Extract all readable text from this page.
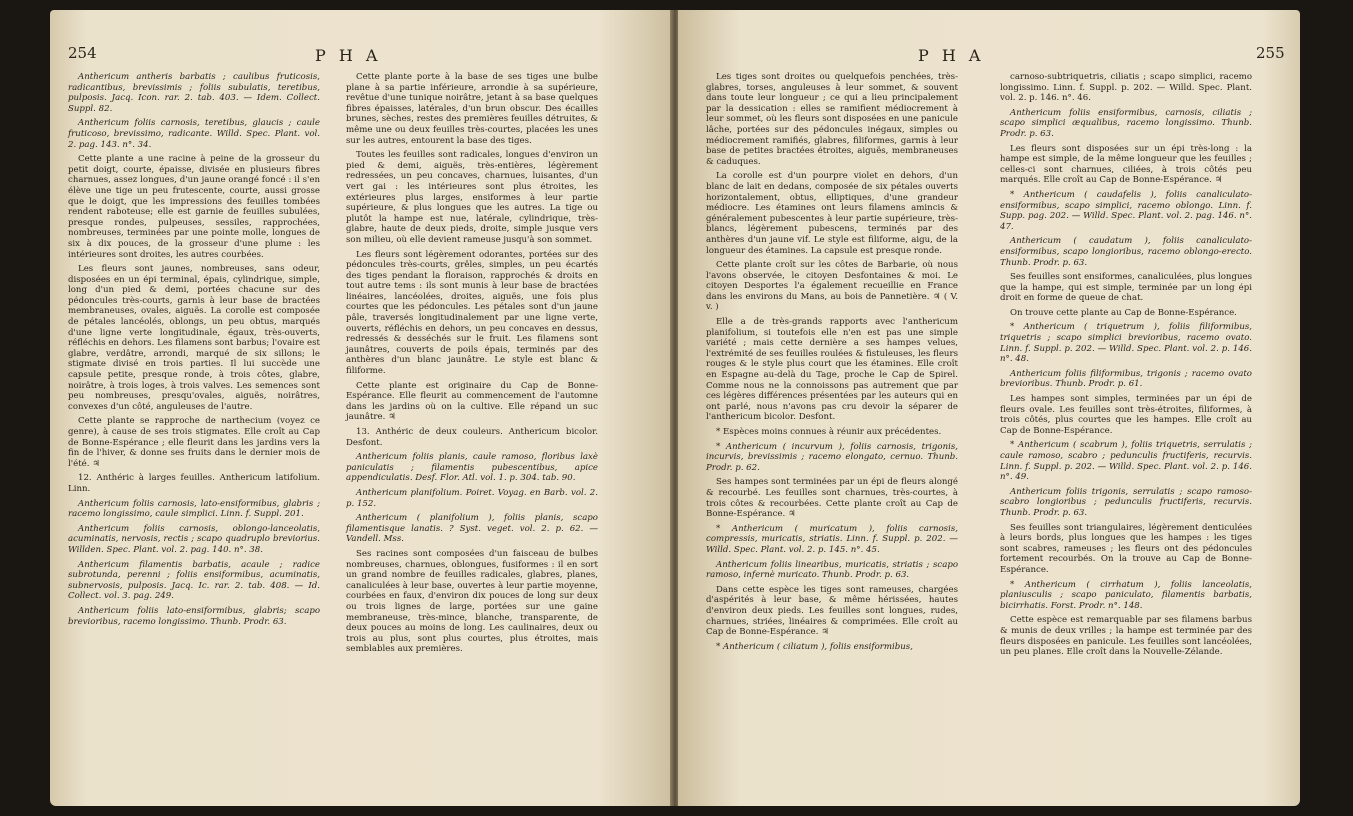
254	P H A

Anthericum antheris barbatis ; caulibus fruticosis, radicantibus, brevissimis ; foliis subulatis, teretibus, pulposis. Jacq. Icon. rar. 2. tab. 403. — Idem. Collect. Suppl. 82.

Anthericum foliis carnosis, teretibus, glaucis ; caule fruticoso, brevissimo, radicante. Willd. Spec. Plant. vol. 2. pag. 143. n°. 34.

Cette plante a une racine à peine de la grosseur du petit doigt, courte, épaisse, divisée en plusieurs fibres charnues, assez longues, d'un jaune orangé foncé : il s'en élève une tige un peu frutescente, courte, aussi grosse que le doigt, que les impressions des feuilles tombées rendent raboteuse; elle est garnie de feuilles subulées, presque rondes, pulpeuses, sessiles, rapprochées, nombreuses, terminées par une pointe molle, longues de six à dix pouces, de la grosseur d'une plume : les intérieures sont droites, les autres courbées.

Les fleurs sont jaunes, nombreuses, sans odeur, disposées en un épi terminal, épais, cylindrique, simple, long d'un pied & demi, portées chacune sur des pédoncules très-courts, garnis à leur base de bractées membraneuses, ovales, aiguës. La corolle est composée de pétales lancéolés, oblongs, un peu obtus, marqués d'une ligne verte longitudinale, égaux, très-ouverts, réfléchis en dehors. Les filamens sont barbus; l'ovaire est glabre, verdâtre, arrondi, marqué de six sillons; le stigmate divisé en trois parties. Il lui succède une capsule petite, presque ronde, à trois côtes, glabre, noirâtre, à trois loges, à trois valves. Les semences sont peu nombreuses, presqu'ovales, aiguës, noirâtres, convexes d'un côté, anguleuses de l'autre.

Cette plante se rapproche de narthecium (voyez ce genre), à cause de ses trois stigmates. Elle croît au Cap de Bonne-Espérance ; elle fleurit dans les jardins vers la fin de l'hiver, & donne ses fruits dans le dernier mois de l'été. ♃

12. Anthéric à larges feuilles. Anthericum latifolium. Linn.

Anthericum foliis carnosis, lato-ensiformibus, glabris ; racemo longissimo, caule simplici. Linn. f. Suppl. 201.

Anthericum foliis carnosis, oblongo-lanceolatis, acuminatis, nervosis, rectis ; scapo quadruplo breviorius. Willden. Spec. Plant. vol. 2. pag. 140. n°. 38.

Anthericum filamentis barbatis, acaule ; radice subrotunda, perenni ; foliis ensiformibus, acuminatis, subnervosis, pulposis. Jacq. Ic. rar. 2. tab. 408. — Id. Collect. vol. 3. pag. 249.

Anthericum foliis lato-ensiformibus, glabris; scapo brevioribus, racemo longissimo. Thunb. Prodr. 63.

Cette plante porte à la base de ses tiges une bulbe plane à sa partie inférieure, arrondie à sa supérieure, revêtue d'une tunique noirâtre, jetant à sa base quelques fibres épaisses, latérales, d'un brun obscur. Des écailles brunes, sèches, restes des premières feuilles détruites, & même une ou deux feuilles très-courtes, placées les unes sur les autres, entourent la base des tiges.

Toutes les feuilles sont radicales, longues d'environ un pied & demi, aiguës, très-entières, légèrement redressées, un peu concaves, charnues, luisantes, d'un vert gai : les intérieures sont plus étroites, les extérieures plus larges, ensiformes à leur partie supérieure, & plus longues que les autres. La tige ou plutôt la hampe est nue, latérale, cylindrique, très-glabre, haute de deux pieds, droite, simple jusque vers son milieu, où elle devient rameuse jusqu'à son sommet.

Les fleurs sont légèrement odorantes, portées sur des pédoncules très-courts, grêles, simples, un peu écartés des tiges pendant la floraison, rapprochés & droits en tout autre tems : ils sont munis à leur base de bractées linéaires, lancéolées, droites, aiguës, une fois plus courtes que les pédoncules. Les pétales sont d'un jaune pâle, traversés longitudinalement par une ligne verte, ouverts, réfléchis en dehors, un peu concaves en dessus, redressés & desséchés sur le fruit. Les filamens sont jaunâtres, couverts de poils épais, terminés par des anthères d'un blanc jaunâtre. Le style est blanc & filiforme.

Cette plante est originaire du Cap de Bonne-Espérance. Elle fleurit au commencement de l'automne dans les jardins où on la cultive. Elle répand un suc jaunâtre. ♃

13. Anthéric de deux couleurs. Anthericum bicolor. Desfont.

Anthericum foliis planis, caule ramoso, floribus laxè paniculatis ; filamentis pubescentibus, apice appendiculatis. Desf. Flor. Atl. vol. 1. p. 304. tab. 90.

Anthericum planifolium. Poiret. Voyag. en Barb. vol. 2. p. 152.

Anthericum ( planifolium ), foliis planis, scapo filamentisque lanatis. ? Syst. veget. vol. 2. p. 62. — Vandell. Mss.

Ses racines sont composées d'un faisceau de bulbes nombreuses, charnues, oblongues, fusiformes : il en sort un grand nombre de feuilles radicales, glabres, planes, canaliculées à leur base, ouvertes à leur partie moyenne, courbées en faux, d'environ dix pouces de long sur deux ou trois lignes de large, portées sur une gaine membraneuse, très-mince, blanche, transparente, de deux pouces au moins de long. Les caulinaires, deux ou trois au plus, sont plus courtes, plus étroites, mais semblables aux premières.

P H A	255

Les tiges sont droites ou quelquefois penchées, très-glabres, torses, anguleuses à leur sommet, & souvent dans toute leur longueur ; ce qui a lieu principalement par la dessication : elles se ramifient médiocrement à leur sommet, où les fleurs sont disposées en une panicule lâche, portées sur des pédoncules inégaux, simples ou médiocrement ramifiés, glabres, filiformes, garnis à leur base de petites bractées étroites, aiguës, membraneuses & caduques.

La corolle est d'un pourpre violet en dehors, d'un blanc de lait en dedans, composée de six pétales ouverts horizontalement, obtus, elliptiques, d'une grandeur médiocre. Les étamines ont leurs filamens amincis & généralement pubescentes à leur partie supérieure, très-blancs, légèrement pubescens, terminés par des anthères d'un jaune vif. Le style est filiforme, aigu, de la longueur des étamines. La capsule est presque ronde.

Cette plante croît sur les côtes de Barbarie, où nous l'avons observée, le citoyen Desfontaines & moi. Le citoyen Desportes l'a également recueillie en France dans les environs du Mans, au bois de Pannetière. ♃ ( V. v. )

Elle a de très-grands rapports avec l'anthericum planifolium, si toutefois elle n'en est pas une simple variété ; mais cette dernière a ses hampes velues, l'extrémité de ses feuilles roulées & fistuleuses, les fleurs rouges & le style plus court que les étamines. Elle croît en Espagne au-delà du Tage, proche le Cap de Spirel. Comme nous ne la connoissons pas autrement que par ces légères différences présentées par les auteurs qui en ont parlé, nous n'avons pas cru devoir la séparer de l'anthericum bicolor. Desfont.

* Espèces moins connues à réunir aux précédentes.

* Anthericum ( incurvum ), foliis carnosis, trigonis, incurvis, brevissimis ; racemo elongato, cernuo. Thunb. Prodr. p. 62.

Ses hampes sont terminées par un épi de fleurs alongé & recourbé. Les feuilles sont charnues, très-courtes, à trois côtes & recourbées. Cette plante croît au Cap de Bonne-Espérance. ♃

* Anthericum ( muricatum ), foliis carnosis, compressis, muricatis, striatis. Linn. f. Suppl. p. 202. — Willd. Spec. Plant. vol. 2. p. 145. n°. 45.

Anthericum foliis linearibus, muricatis, striatis ; scapo ramoso, infernè muricato. Thunb. Prodr. p. 63.

Dans cette espèce les tiges sont rameuses, chargées d'aspérités à leur base, & même hérissées, hautes d'environ deux pieds. Les feuilles sont longues, rudes, charnues, striées, linéaires & comprimées. Elle croît au Cap de Bonne-Espérance. ♃

* Anthericum ( ciliatum ), foliis ensiformibus,

carnoso-subtriquetris, ciliatis ; scapo simplici, racemo longissimo. Linn. f. Suppl. p. 202. — Willd. Spec. Plant. vol. 2. p. 146. n°. 46.

Anthericum foliis ensiformibus, carnosis, ciliatis ; scapo simplici æqualibus, racemo longissimo. Thunb. Prodr. p. 63.

Les fleurs sont disposées sur un épi très-long : la hampe est simple, de la même longueur que les feuilles ; celles-ci sont charnues, ciliées, à trois côtés peu marqués. Elle croît au Cap de Bonne-Espérance. ♃

* Anthericum ( caudafelis ), foliis canaliculato-ensiformibus, scapo simplici, racemo oblongo. Linn. f. Supp. pag. 202. — Willd. Spec. Plant. vol. 2. pag. 146. n°. 47.

Anthericum ( caudatum ), foliis canaliculato-ensiformibus, scapo longioribus, racemo oblongo-erecto. Thunb. Prodr. p. 63.

Ses feuilles sont ensiformes, canaliculées, plus longues que la hampe, qui est simple, terminée par un long épi droit en forme de queue de chat.

On trouve cette plante au Cap de Bonne-Espérance.

* Anthericum ( triquetrum ), foliis filiformibus, triquetris ; scapo simplici brevioribus, racemo ovato. Linn. f. Suppl. p. 202. — Willd. Spec. Plant. vol. 2. p. 146. n°. 48.

Anthericum foliis filiformibus, trigonis ; racemo ovato brevioribus. Thunb. Prodr. p. 61.

Les hampes sont simples, terminées par un épi de fleurs ovale. Les feuilles sont très-étroites, filiformes, à trois côtés, plus courtes que les hampes. Elle croît au Cap de Bonne-Espérance.

* Anthericum ( scabrum ), foliis triquetris, serrulatis ; caule ramoso, scabro ; pedunculis fructiferis, recurvis. Linn. f. Suppl. p. 202. — Willd. Spec. Plant. vol. 2. p. 146. n°. 49.

Anthericum foliis trigonis, serrulatis ; scapo ramoso-scabro longioribus ; pedunculis fructiferis, recurvis. Thunb. Prodr. p. 63.

Ses feuilles sont triangulaires, légèrement denticulées à leurs bords, plus longues que les hampes : les tiges sont scabres, rameuses ; les fleurs ont des pédoncules fortement recourbés. On la trouve au Cap de Bonne-Espérance.

* Anthericum ( cirrhatum ), foliis lanceolatis, planiusculis ; scapo paniculato, filamentis barbatis, bicirrhatis. Forst. Prodr. n°. 148.

Cette espèce est remarquable par ses filamens barbus & munis de deux vrilles ; la hampe est terminée par des fleurs disposées en panicule. Les feuilles sont lancéolées, un peu planes. Elle croît dans la Nouvelle-Zélande.
